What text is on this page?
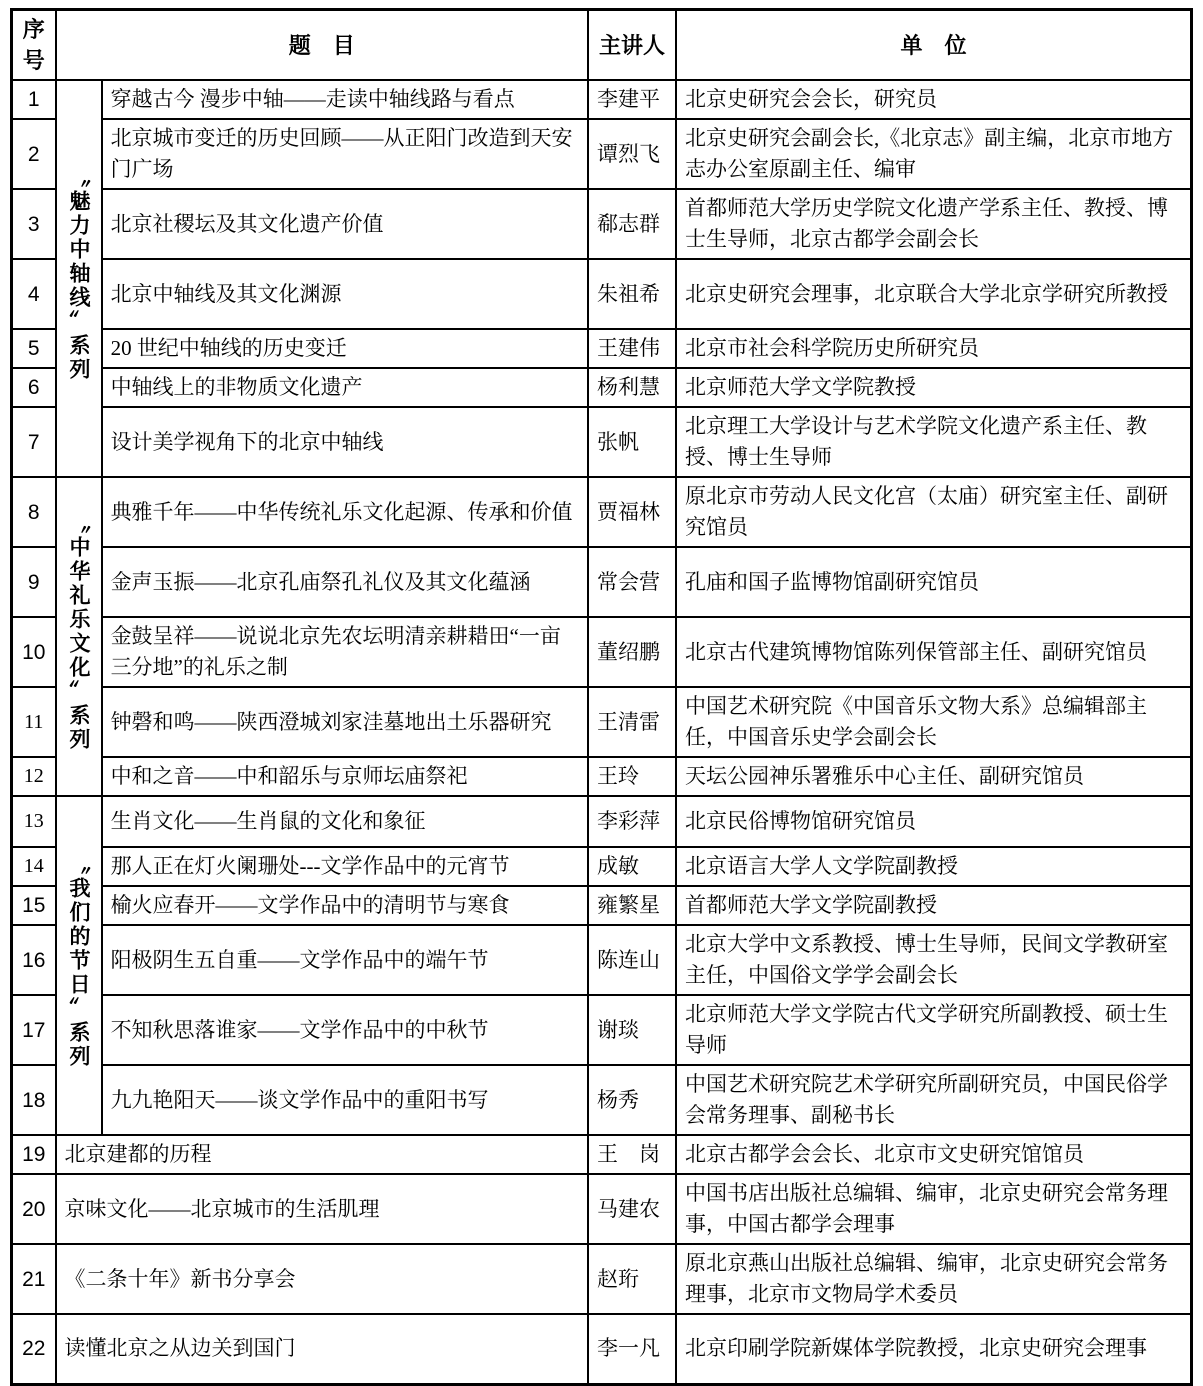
序号	题　目		主讲人	单　位
1	〝魅力中轴线〟系列	穿越古今 漫步中轴——走读中轴线路与看点	李建平	北京史研究会会长，研究员
2		北京城市变迁的历史回顾——从正阳门改造到天安门广场	谭烈飞	北京史研究会副会长,《北京志》副主编，北京市地方志办公室原副主任、编审
3		北京社稷坛及其文化遗产价值	郗志群	首都师范大学历史学院文化遗产学系主任、教授、博士生导师，北京古都学会副会长
4		北京中轴线及其文化渊源	朱祖希	北京史研究会理事，北京联合大学北京学研究所教授
5		20 世纪中轴线的历史变迁	王建伟	北京市社会科学院历史所研究员
6		中轴线上的非物质文化遗产	杨利慧	北京师范大学文学院教授
7		设计美学视角下的北京中轴线	张帆	北京理工大学设计与艺术学院文化遗产系主任、教授、博士生导师
8	〝中华礼乐文化〟系列	典雅千年——中华传统礼乐文化起源、传承和价值	贾福林	原北京市劳动人民文化宫（太庙）研究室主任、副研究馆员
9		金声玉振——北京孔庙祭孔礼仪及其文化蕴涵	常会营	孔庙和国子监博物馆副研究馆员
10		金鼓呈祥——说说北京先农坛明清亲耕耤田“一亩三分地”的礼乐之制	董绍鹏	北京古代建筑博物馆陈列保管部主任、副研究馆员
11		钟磬和鸣——陕西澄城刘家洼墓地出土乐器研究	王清雷	中国艺术研究院《中国音乐文物大系》总编辑部主任，中国音乐史学会副会长
12		中和之音——中和韶乐与京师坛庙祭祀	王玲	天坛公园神乐署雅乐中心主任、副研究馆员
13	〝我们的节日〟系列	生肖文化——生肖鼠的文化和象征	李彩萍	北京民俗博物馆研究馆员
14		那人正在灯火阑珊处---文学作品中的元宵节	成敏	北京语言大学人文学院副教授
15		榆火应春开——文学作品中的清明节与寒食	雍繁星	首都师范大学文学院副教授
16		阳极阴生五自重——文学作品中的端午节	陈连山	北京大学中文系教授、博士生导师，民间文学教研室主任，中国俗文学学会副会长
17		不知秋思落谁家——文学作品中的中秋节	谢琰	北京师范大学文学院古代文学研究所副教授、硕士生导师
18		九九艳阳天——谈文学作品中的重阳书写	杨秀	中国艺术研究院艺术学研究所副研究员，中国民俗学会常务理事、副秘书长
19	北京建都的历程		王　岗	北京古都学会会长、北京市文史研究馆馆员
20	京味文化——北京城市的生活肌理		马建农	中国书店出版社总编辑、编审，北京史研究会常务理事，中国古都学会理事
21	《二条十年》新书分享会		赵珩	原北京燕山出版社总编辑、编审，北京史研究会常务理事，北京市文物局学术委员
22	读懂北京之从边关到国门		李一凡	北京印刷学院新媒体学院教授，北京史研究会理事
